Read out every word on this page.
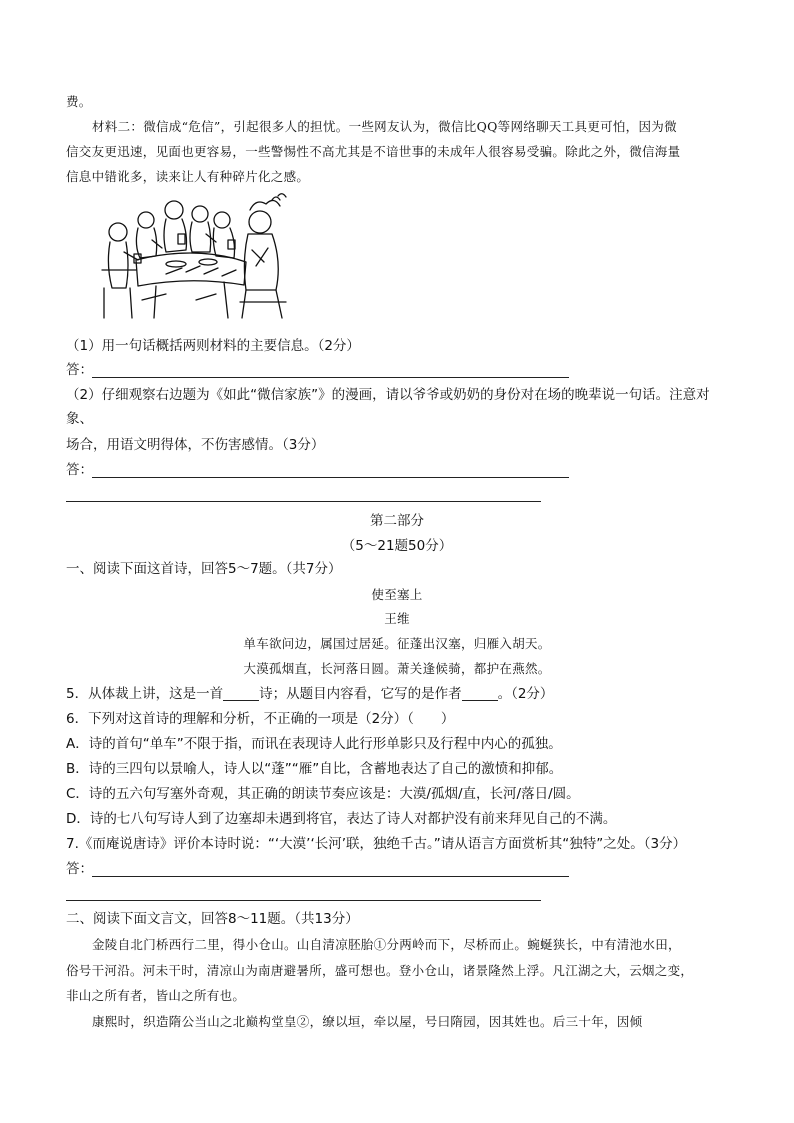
费。
材料二：微信成“危信”，引起很多人的担忧。一些网友认为，微信比QQ等网络聊天工具更可怕，因为微
信交友更迅速，见面也更容易，一些警惕性不高尤其是不谙世事的未成年人很容易受骗。除此之外，微信海量
信息中错讹多，读来让人有种碎片化之感。
（1）用一句话概括两则材料的主要信息。（2分）
答：
（2）仔细观察右边题为《如此“微信家族”》的漫画，请以爷爷或奶奶的身份对在场的晚辈说一句话。注意对
象、
场合，用语文明得体，不伤害感情。（3分）
答：
第二部分
（5～21题50分）
一、阅读下面这首诗，回答5～7题。（共7分）
使至塞上
王维
单车欲问边，属国过居延。征蓬出汉塞，归雁入胡天。
大漠孤烟直，长河落日圆。萧关逢候骑，都护在燕然。
5．从体裁上讲，这是一首	诗；从题目内容看，它写的是作者	。（2分）
6．下列对这首诗的理解和分析，不正确的一项是（2分）（　　）
A．诗的首句“单车”不限于指，而讯在表现诗人此行形单影只及行程中内心的孤独。
B．诗的三四句以景喻人，诗人以“蓬”“雁”自比，含蓄地表达了自己的激愤和抑郁。
C．诗的五六句写塞外奇观，其正确的朗读节奏应该是：大漠/孤烟/直，长河/落日/圆。
D．诗的七八句写诗人到了边塞却未遇到将官，表达了诗人对都护没有前来拜见自己的不满。
7.《而庵说唐诗》评价本诗时说：“‘大漠’‘长河’联，独绝千古。”请从语言方面赏析其“独特”之处。（3分）
答：
二、阅读下面文言文，回答8～11题。（共13分）
金陵自北门桥西行二里，得小仓山。山自清凉胚胎①分两岭而下，尽桥而止。蜿蜒狭长，中有清池水田，
俗号干河沿。河未干时，清凉山为南唐避暑所，盛可想也。登小仓山，诸景隆然上浮。凡江湖之大，云烟之变，
非山之所有者，皆山之所有也。
康熙时，织造隋公当山之北巅构堂皇②，缭以垣，牵以屋，号曰隋园，因其姓也。后三十年，因倾
